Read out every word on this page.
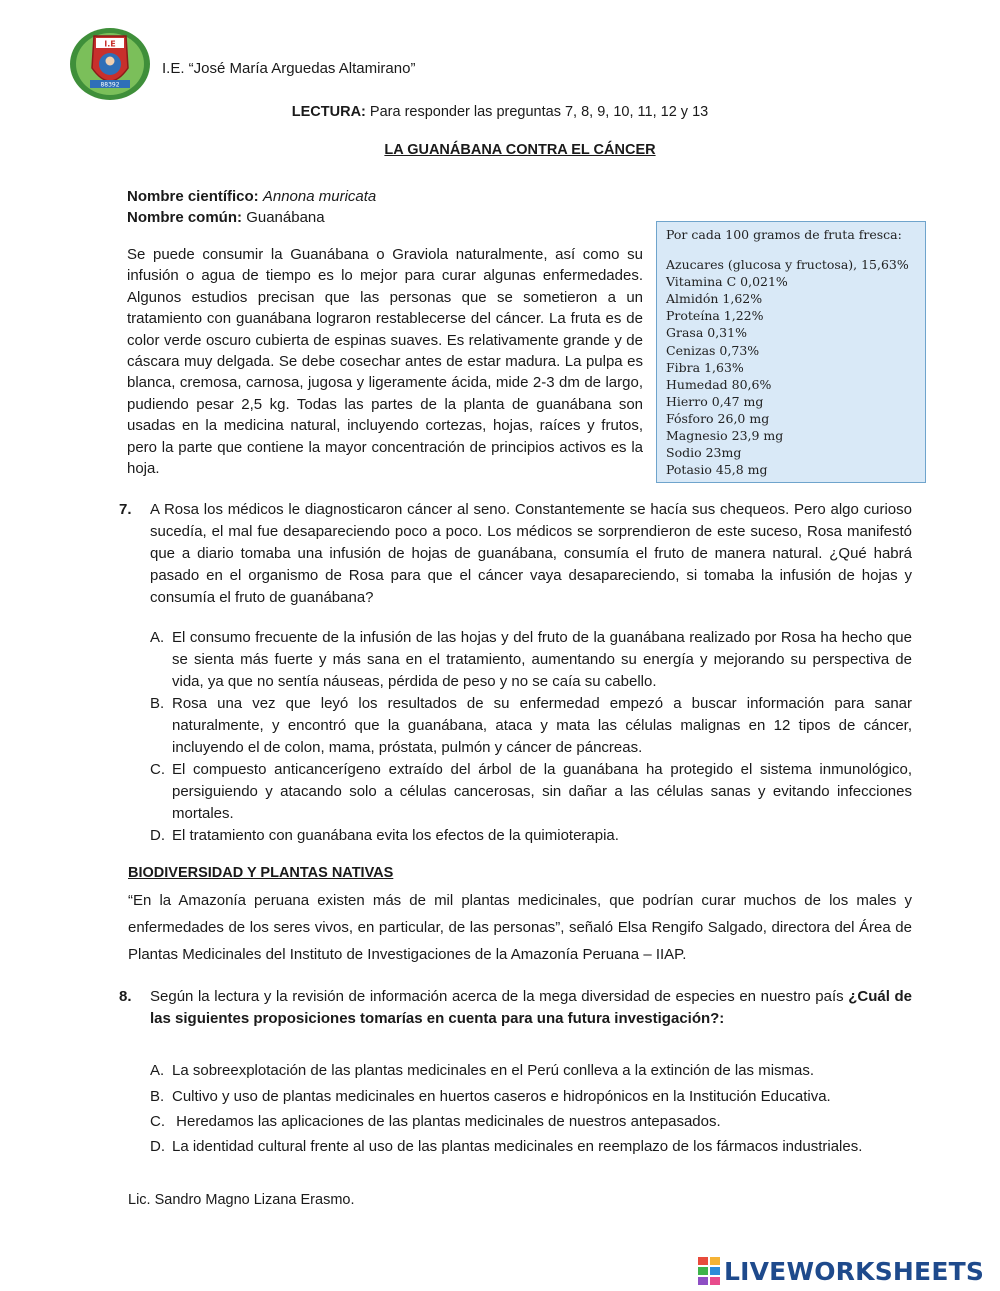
I.E
88392
I.E. “José María Arguedas Altamirano”
LECTURA: Para responder las preguntas 7, 8, 9, 10, 11, 12 y 13
LA GUANÁBANA CONTRA EL CÁNCER
Nombre científico: Annona muricata
Nombre común: Guanábana
Se puede consumir la Guanábana o Graviola naturalmente, así como su infusión o agua de tiempo es lo mejor para curar algunas enfermedades. Algunos estudios precisan que las personas que se sometieron a un tratamiento con guanábana lograron restablecerse del cáncer. La fruta es de color verde oscuro cubierta de espinas suaves. Es relativamente grande y de cáscara muy delgada. Se debe cosechar antes de estar madura. La pulpa es blanca, cremosa, carnosa, jugosa y ligeramente ácida, mide 2-3 dm de largo, pudiendo pesar 2,5 kg. Todas las partes de la planta de guanábana son usadas en la medicina natural, incluyendo cortezas, hojas, raíces y frutos, pero la parte que contiene la mayor concentración de principios activos es la hoja.
Por cada 100 gramos de fruta fresca:
Azucares (glucosa y fructosa), 15,63%
Vitamina C 0,021%
Almidón 1,62%
Proteína 1,22%
Grasa 0,31%
Cenizas 0,73%
Fibra 1,63%
Humedad 80,6%
Hierro 0,47 mg
Fósforo 26,0 mg
Magnesio 23,9 mg
Sodio 23mg
Potasio 45,8 mg
7. A Rosa los médicos le diagnosticaron cáncer al seno. Constantemente se hacía sus chequeos. Pero algo curioso sucedía, el mal fue desapareciendo poco a poco. Los médicos se sorprendieron de este suceso, Rosa manifestó que a diario tomaba una infusión de hojas de guanábana, consumía el fruto de manera natural. ¿Qué habrá pasado en el organismo de Rosa para que el cáncer vaya desapareciendo, si tomaba la infusión de hojas y consumía el fruto de guanábana?
A. El consumo frecuente de la infusión de las hojas y del fruto de la guanábana realizado por Rosa ha hecho que se sienta más fuerte y más sana en el tratamiento, aumentando su energía y mejorando su perspectiva de vida, ya que no sentía náuseas, pérdida de peso y no se caía su cabello.
B. Rosa una vez que leyó los resultados de su enfermedad empezó a buscar información para sanar naturalmente, y encontró que la guanábana, ataca y mata las células malignas en 12 tipos de cáncer, incluyendo el de colon, mama, próstata, pulmón y cáncer de páncreas.
C. El compuesto anticancerígeno extraído del árbol de la guanábana ha protegido el sistema inmunológico, persiguiendo y atacando solo a células cancerosas, sin dañar a las células sanas y evitando infecciones mortales.
D. El tratamiento con guanábana evita los efectos de la quimioterapia.
BIODIVERSIDAD Y PLANTAS NATIVAS
“En la Amazonía peruana existen más de mil plantas medicinales, que podrían curar muchos de los males y enfermedades de los seres vivos, en particular, de las personas”, señaló Elsa Rengifo Salgado, directora del Área de Plantas Medicinales del Instituto de Investigaciones de la Amazonía Peruana – IIAP.
8. Según la lectura y la revisión de información acerca de la mega diversidad de especies en nuestro país ¿Cuál de las siguientes proposiciones tomarías en cuenta para una futura investigación?:
A. La sobreexplotación de las plantas medicinales en el Perú conlleva a la extinción de las mismas.
B. Cultivo y uso de plantas medicinales en huertos caseros e hidropónicos en la Institución Educativa.
C. Heredamos las aplicaciones de las plantas medicinales de nuestros antepasados.
D. La identidad cultural frente al uso de las plantas medicinales en reemplazo de los fármacos industriales.
Lic. Sandro Magno Lizana Erasmo.
LIVEWORKSHEETS
